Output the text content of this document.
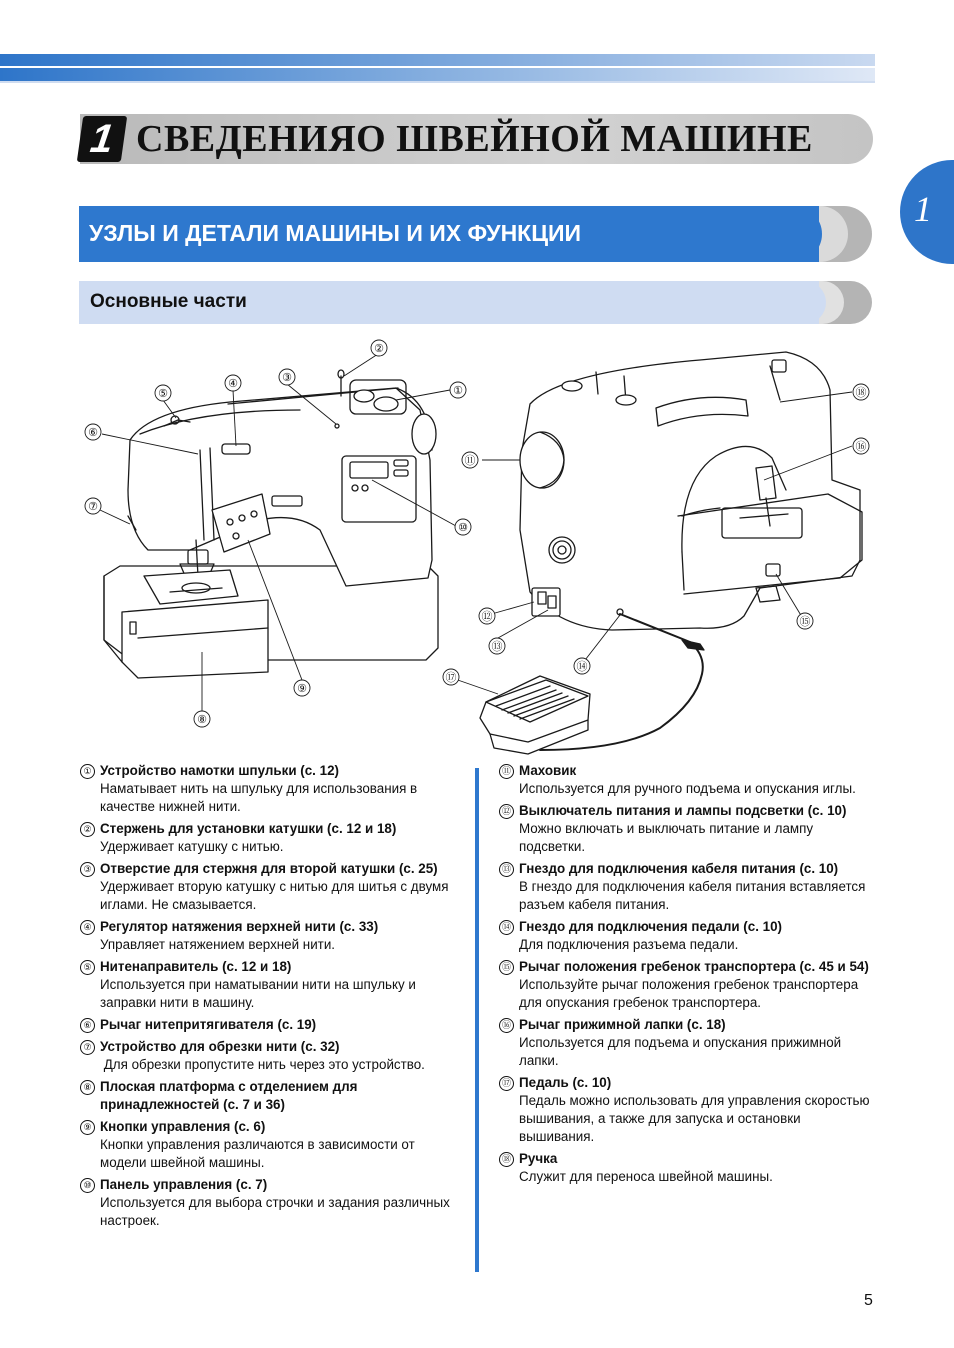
1 СВЕДЕНИЯО ШВЕЙНОЙ МАШИНЕ
1
УЗЛЫ И ДЕТАЛИ МАШИНЫ И ИХ ФУНКЦИИ
Основные части
①
②
③
④
⑤
⑥
⑦
⑧
⑨
⑩
⑪
⑫
⑬
⑭
⑮
⑯
⑰
⑱
① Устройство намотки шпульки (с. 12)
Наматывает нить на шпульку для использования в качестве нижней нити.
② Стержень для установки катушки (с. 12 и 18)
Удерживает катушку с нитью.
③ Отверстие для стержня для второй катушки (с. 25)
Удерживает вторую катушку с нитью для шитья с двумя иглами. Не смазывается.
④ Регулятор натяжения верхней нити (с. 33)
Управляет натяжением верхней нити.
⑤ Нитенаправитель (с. 12 и 18)
Используется при наматывании нити на шпульку и заправки нити в машину.
⑥ Рычаг нитепритягивателя (с. 19)
⑦ Устройство для обрезки нити (с. 32)
Для обрезки пропустите нить через это устройство.
⑧ Плоская платформа с отделением для принадлежностей (с. 7 и 36)
⑨ Кнопки управления (с. 6)
Кнопки управления различаются в зависимости от модели швейной машины.
⑩ Панель управления (с. 7)
Используется для выбора строчки и задания различных настроек.
⑪ Маховик
Используется для ручного подъема и опускания иглы.
⑫ Выключатель питания и лампы подсветки (с. 10)
Можно включать и выключать питание и лампу подсветки.
⑬ Гнездо для подключения кабеля питания (с. 10)
В гнездо для подключения кабеля питания вставляется разъем кабеля питания.
⑭ Гнездо для подключения педали (с. 10)
Для подключения разъема педали.
⑮ Рычаг положения гребенок транспортера (с. 45 и 54)
Используйте рычаг положения гребенок транспортера для опускания гребенок транспортера.
⑯ Рычаг прижимной лапки (с. 18)
Используется для подъема и опускания прижимной лапки.
⑰ Педаль (с. 10)
Педаль можно использовать для управления скоростью вышивания, а также для запуска и остановки вышивания.
⑱ Ручка
Служит для переноса швейной машины.
5
